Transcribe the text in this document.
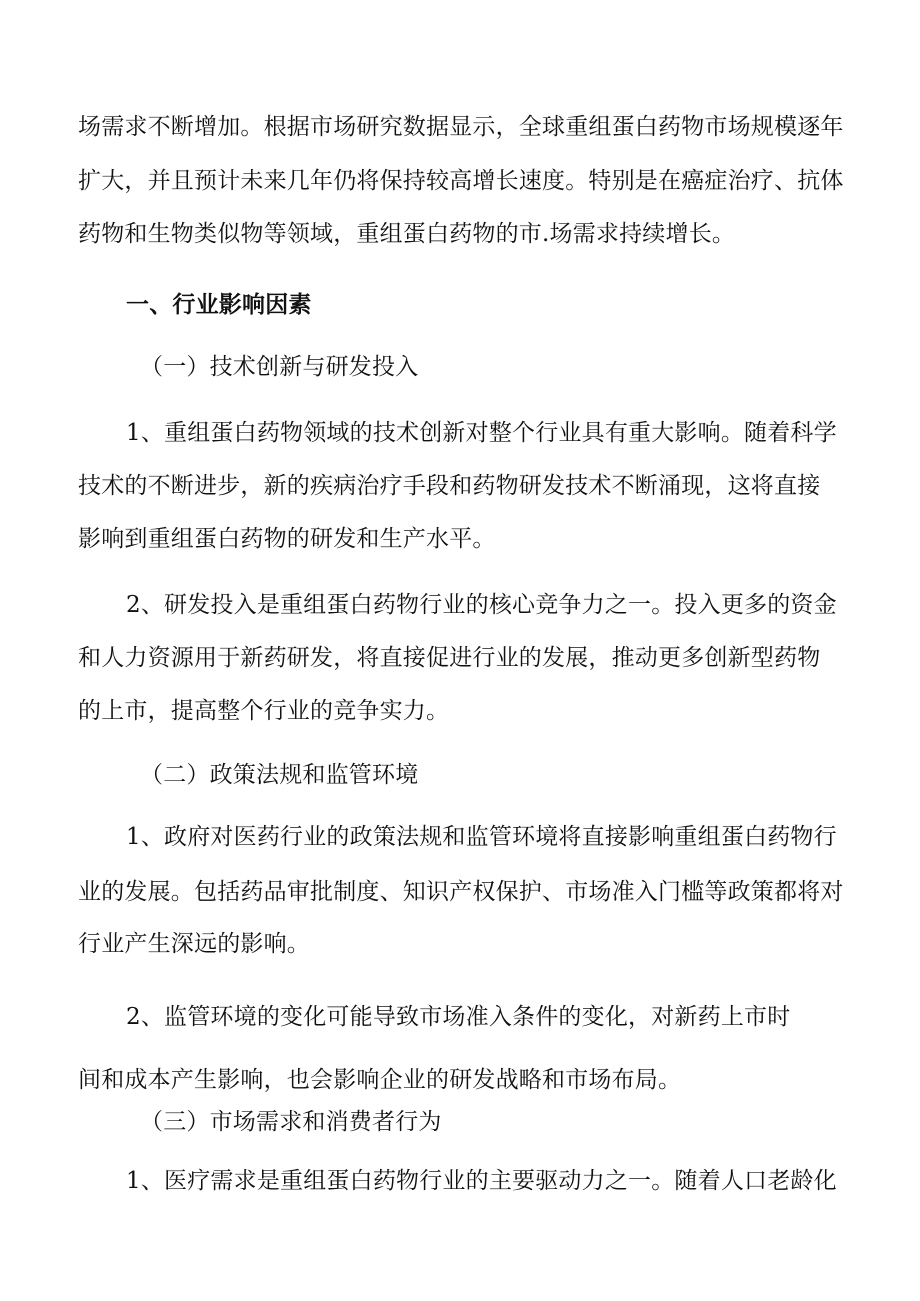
场需求不断增加。根据市场研究数据显示，全球重组蛋白药物市场规模逐年

扩大，并且预计未来几年仍将保持较高增长速度。特别是在癌症治疗、抗体

药物和生物类似物等领域，重组蛋白药物的市.场需求持续增长。

一、行业影响因素

（一）技术创新与研发投入

1、重组蛋白药物领域的技术创新对整个行业具有重大影响。随着科学

技术的不断进步，新的疾病治疗手段和药物研发技术不断涌现，这将直接

影响到重组蛋白药物的研发和生产水平。

2、研发投入是重组蛋白药物行业的核心竞争力之一。投入更多的资金

和人力资源用于新药研发，将直接促进行业的发展，推动更多创新型药物

的上市，提高整个行业的竞争实力。

（二）政策法规和监管环境

1、政府对医药行业的政策法规和监管环境将直接影响重组蛋白药物行

业的发展。包括药品审批制度、知识产权保护、市场准入门槛等政策都将对

行业产生深远的影响。

2、监管环境的变化可能导致市场准入条件的变化，对新药上市时

间和成本产生影响，也会影响企业的研发战略和市场布局。

（三）市场需求和消费者行为

1、医疗需求是重组蛋白药物行业的主要驱动力之一。随着人口老龄化
